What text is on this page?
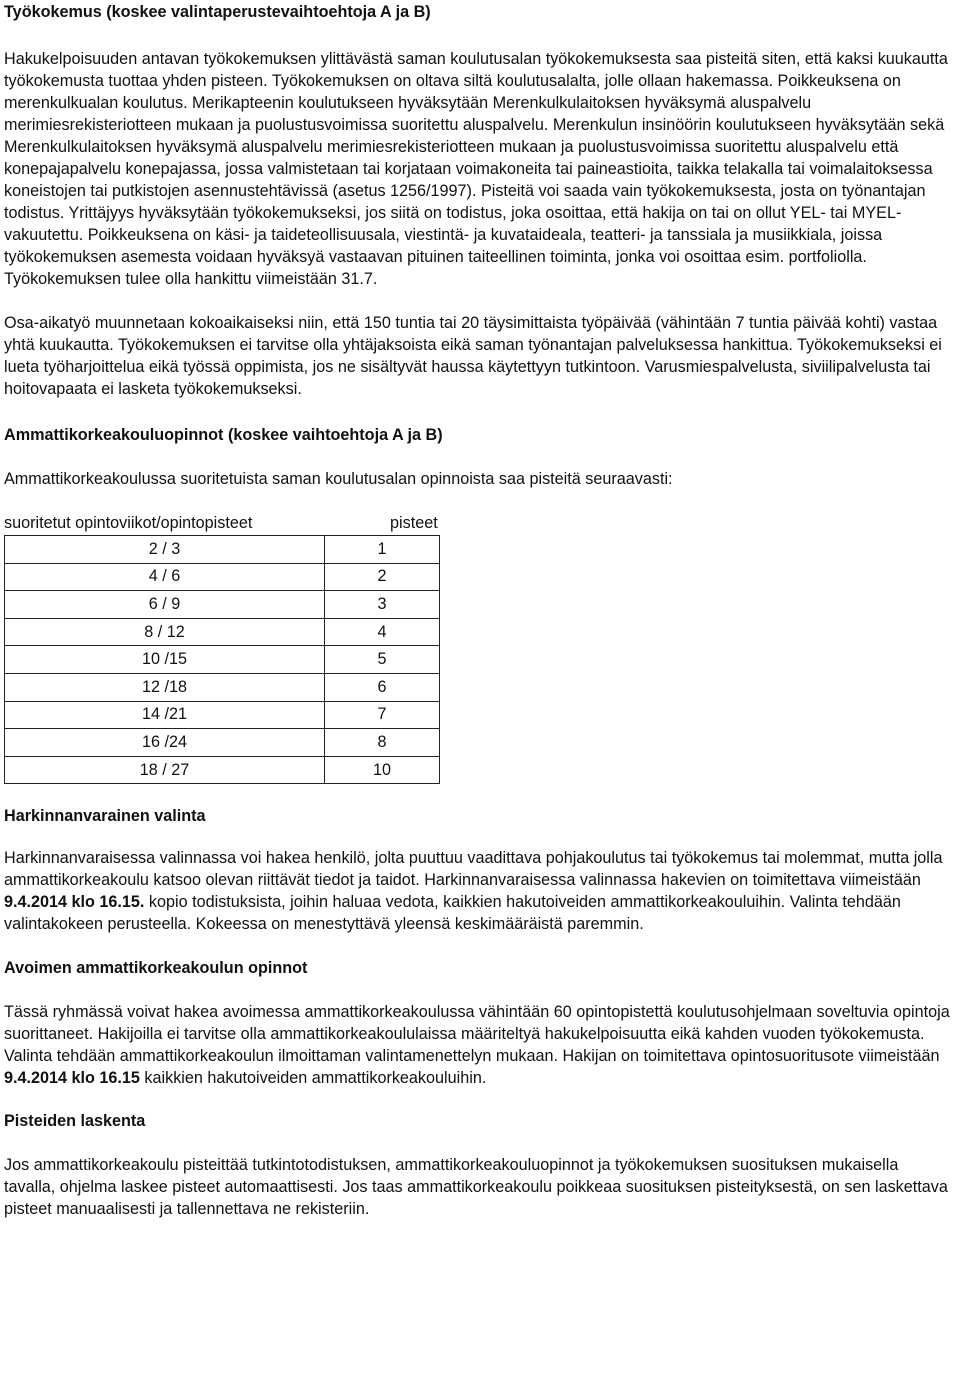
Työkokemus (koskee valintaperustevaihtoehtoja A ja B)

Hakukelpoisuuden antavan työkokemuksen ylittävästä saman koulutusalan työkokemuksesta saa pisteitä siten, että kaksi kuukautta työkokemusta tuottaa yhden pisteen. Työkokemuksen on oltava siltä koulutusalalta, jolle ollaan hakemassa. Poikkeuksena on merenkulkualan koulutus. Merikapteenin koulutukseen hyväksytään Merenkulkulaitoksen hyväksymä aluspalvelu merimiesrekisteriotteen mukaan ja puolustusvoimissa suoritettu aluspalvelu. Merenkulun insinöörin koulutukseen hyväksytään sekä Merenkulkulaitoksen hyväksymä aluspalvelu merimiesrekisteriotteen mukaan ja puolustusvoimissa suoritettu aluspalvelu että konepajapalvelu konepajassa, jossa valmistetaan tai korjataan voimakoneita tai paineastioita, taikka telakalla tai voimalaitoksessa koneistojen tai putkistojen asennustehtävissä (asetus 1256/1997). Pisteitä voi saada vain työkokemuksesta, josta on työnantajan todistus. Yrittäjyys hyväksytään työkokemukseksi, jos siitä on todistus, joka osoittaa, että hakija on tai on ollut YEL- tai MYEL-vakuutettu. Poikkeuksena on käsi- ja taideteollisuusala, viestintä- ja kuvataideala, teatteri- ja tanssiala ja musiikkiala, joissa työkokemuksen asemesta voidaan hyväksyä vastaavan pituinen taiteellinen toiminta, jonka voi osoittaa esim. portfoliolla. Työkokemuksen tulee olla hankittu viimeistään 31.7.

Osa-aikatyö muunnetaan kokoaikaiseksi niin, että 150 tuntia tai 20 täysimittaista työpäivää (vähintään 7 tuntia päivää kohti) vastaa yhtä kuukautta. Työkokemuksen ei tarvitse olla yhtäjaksoista eikä saman työnantajan palveluksessa hankittua. Työkokemukseksi ei lueta työharjoittelua eikä työssä oppimista, jos ne sisältyvät haussa käytettyyn tutkintoon. Varusmiespalvelusta, siviilipalvelusta tai hoitovapaata ei lasketa työkokemukseksi.

Ammattikorkeakouluopinnot (koskee vaihtoehtoja A ja B)

Ammattikorkeakoulussa suoritetuista saman koulutusalan opinnoista saa pisteitä seuraavasti:

suoritetut opintoviikot/opintopisteet	pisteet
2 / 3	1
4 / 6	2
6 / 9	3
8 / 12	4
10 /15	5
12 /18	6
14 /21	7
16 /24	8
18 / 27	10
Harkinnanvarainen valinta

Harkinnanvaraisessa valinnassa voi hakea henkilö, jolta puuttuu vaadittava pohjakoulutus tai työkokemus tai molemmat, mutta jolla ammattikorkeakoulu katsoo olevan riittävät tiedot ja taidot. Harkinnanvaraisessa valinnassa hakevien on toimitettava viimeistään 9.4.2014 klo 16.15. kopio todistuksista, joihin haluaa vedota, kaikkien hakutoiveiden ammattikorkeakouluihin. Valinta tehdään valintakokeen perusteella. Kokeessa on menestyttävä yleensä keskimääräistä paremmin.

Avoimen ammattikorkeakoulun opinnot

Tässä ryhmässä voivat hakea avoimessa ammattikorkeakoulussa vähintään 60 opintopistettä koulutusohjelmaan soveltuvia opintoja suorittaneet. Hakijoilla ei tarvitse olla ammattikorkeakoululaissa määriteltyä hakukelpoisuutta eikä kahden vuoden työkokemusta. Valinta tehdään ammattikorkeakoulun ilmoittaman valintamenettelyn mukaan. Hakijan on toimitettava opintosuoritusote viimeistään 9.4.2014 klo 16.15 kaikkien hakutoiveiden ammattikorkeakouluihin.

Pisteiden laskenta

Jos ammattikorkeakoulu pisteittää tutkintotodistuksen, ammattikorkeakouluopinnot ja työkokemuksen suosituksen mukaisella tavalla, ohjelma laskee pisteet automaattisesti. Jos taas ammattikorkeakoulu poikkeaa suosituksen pisteityksestä, on sen laskettava pisteet manuaalisesti ja tallennettava ne rekisteriin.
